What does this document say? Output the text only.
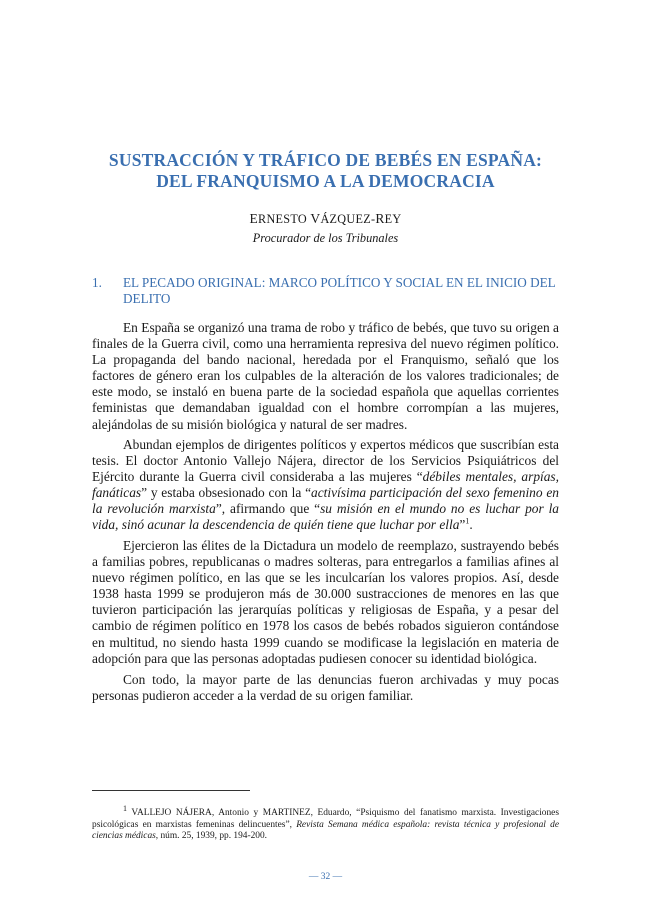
SUSTRACCIÓN Y TRÁFICO DE BEBÉS EN ESPAÑA: DEL FRANQUISMO A LA DEMOCRACIA
ERNESTO VÁZQUEZ-REY
Procurador de los Tribunales
1. EL PECADO ORIGINAL: MARCO POLÍTICO Y SOCIAL EN EL INICIO DEL DELITO

En España se organizó una trama de robo y tráfico de bebés, que tuvo su origen a finales de la Guerra civil, como una herramienta represiva del nuevo régimen político. La propaganda del bando nacional, heredada por el Franquismo, señaló que los factores de género eran los culpables de la alteración de los valores tradicionales; de este modo, se instaló en buena parte de la sociedad española que aquellas corrientes feministas que demandaban igualdad con el hombre corrompían a las mujeres, alejándolas de su misión biológica y natural de ser madres.

Abundan ejemplos de dirigentes políticos y expertos médicos que suscribían esta tesis. El doctor Antonio Vallejo Nájera, director de los Servicios Psiquiátricos del Ejército durante la Guerra civil consideraba a las mujeres “débiles mentales, arpías, fanáticas” y estaba obsesionado con la “activísima participación del sexo femenino en la revolución marxista”, afirmando que “su misión en el mundo no es luchar por la vida, sinó acunar la descendencia de quién tiene que luchar por ella”$^1$.

Ejercieron las élites de la Dictadura un modelo de reemplazo, sustrayendo bebés a familias pobres, republicanas o madres solteras, para entregarlos a familias afines al nuevo régimen político, en las que se les inculcarían los valores propios. Así, desde 1938 hasta 1999 se produjeron más de 30.000 sustracciones de menores en las que tuvieron participación las jerarquías políticas y religiosas de España, y a pesar del cambio de régimen político en 1978 los casos de bebés robados siguieron contándose en multitud, no siendo hasta 1999 cuando se modificase la legislación en materia de adopción para que las personas adoptadas pudiesen conocer su identidad biológica.

Con todo, la mayor parte de las denuncias fueron archivadas y muy pocas personas pudieron acceder a la verdad de su origen familiar.

$^1$ VALLEJO NÁJERA, Antonio y MARTINEZ, Eduardo, “Psiquismo del fanatismo marxista. Investigaciones psicológicas en marxistas femeninas delincuentes”, Revista Semana médica española: revista técnica y profesional de ciencias médicas, núm. 25, 1939, pp. 194-200.

— 32 —
